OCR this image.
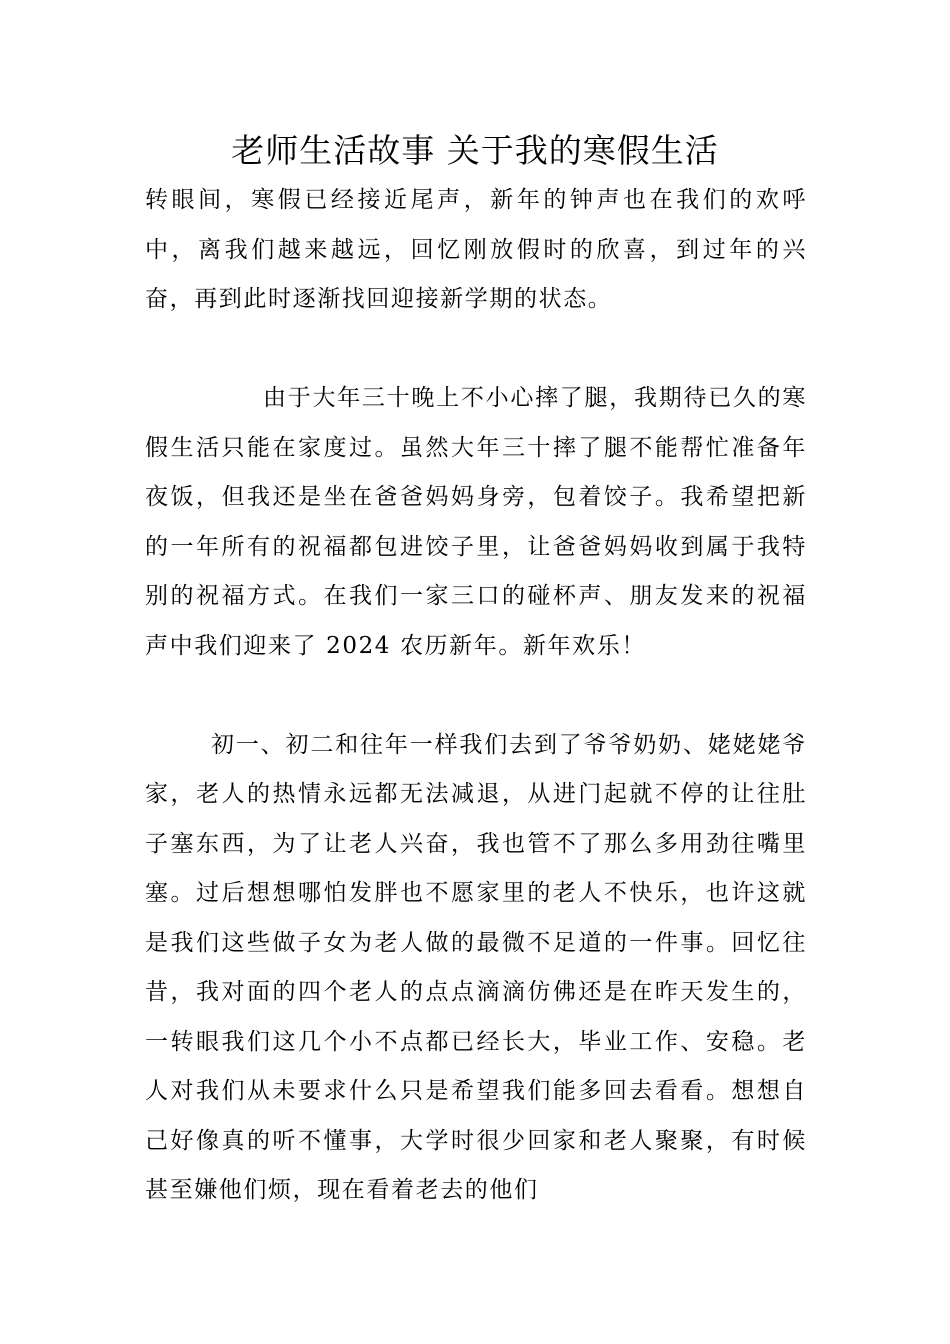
老师生活故事 关于我的寒假生活

转眼间，寒假已经接近尾声，新年的钟声也在我们的欢呼中，离我们越来越远，回忆刚放假时的欣喜，到过年的兴奋，再到此时逐渐找回迎接新学期的状态。

由于大年三十晚上不小心摔了腿，我期待已久的寒假生活只能在家度过。虽然大年三十摔了腿不能帮忙准备年夜饭，但我还是坐在爸爸妈妈身旁，包着饺子。我希望把新的一年所有的祝福都包进饺子里，让爸爸妈妈收到属于我特别的祝福方式。在我们一家三口的碰杯声、朋友发来的祝福声中我们迎来了 2024 农历新年。新年欢乐！

初一、初二和往年一样我们去到了爷爷奶奶、姥姥姥爷家，老人的热情永远都无法减退，从进门起就不停的让往肚子塞东西，为了让老人兴奋，我也管不了那么多用劲往嘴里塞。过后想想哪怕发胖也不愿家里的老人不快乐，也许这就是我们这些做子女为老人做的最微不足道的一件事。回忆往昔，我对面的四个老人的点点滴滴仿佛还是在昨天发生的，一转眼我们这几个小不点都已经长大，毕业工作、安稳。老人对我们从未要求什么只是希望我们能多回去看看。想想自己好像真的听不懂事，大学时很少回家和老人聚聚，有时候甚至嫌他们烦，现在看着老去的他们
